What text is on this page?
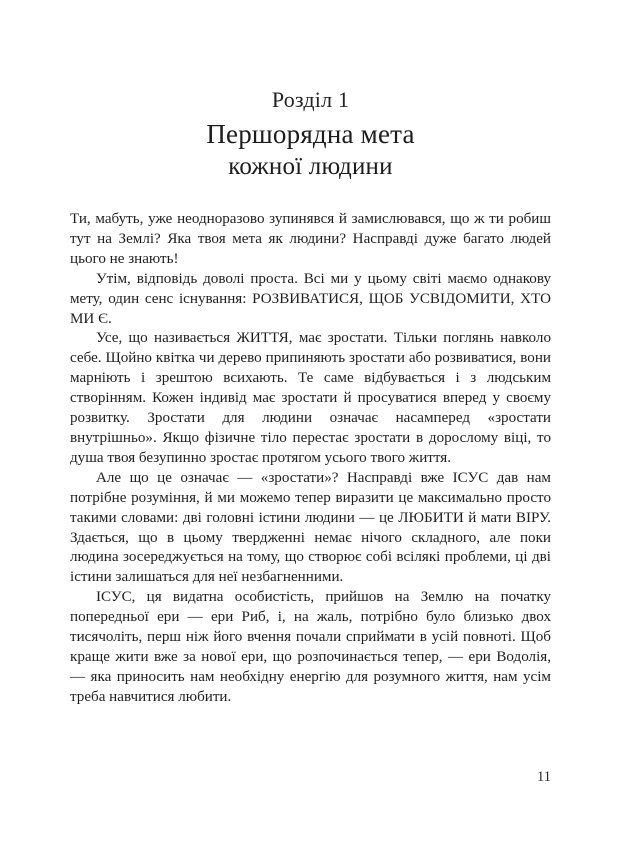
Розділ 1
Першорядна мета
кожної людини

Ти, мабуть, уже неодноразово зупинявся й замислювався, що ж ти робиш тут на Землі? Яка твоя мета як людини? Насправді дуже багато людей цього не знають!

Утім, відповідь доволі проста. Всі ми у цьому світі маємо однакову мету, один сенс існування: РОЗВИВАТИСЯ, ЩОБ УСВІДОМИТИ, ХТО МИ Є.

Усе, що називається ЖИТТЯ, має зростати. Тільки поглянь навколо себе. Щойно квітка чи дерево припиняють зростати або розвиватися, вони марніють і зрештою всихають. Те саме відбувається і з людським створінням. Кожен індивід має зростати й просуватися вперед у своєму розвитку. Зростати для людини означає насамперед «зростати внутрішньо». Якщо фізичне тіло перестає зростати в дорослому віці, то душа твоя безупинно зростає протягом усього твого життя.

Але що це означає — «зростати»? Насправді вже ІСУС дав нам потрібне розуміння, й ми можемо тепер виразити це максимально просто такими словами: дві головні істини людини — це ЛЮБИТИ й мати ВІРУ. Здається, що в цьому твердженні немає нічого складного, але поки людина зосереджується на тому, що створює собі всілякі проблеми, ці дві істини залишаться для неї незбагненними.

ІСУС, ця видатна особистість, прийшов на Землю на початку попередньої ери — ери Риб, і, на жаль, потрібно було близько двох тисячоліть, перш ніж його вчення почали сприймати в усій повноті. Щоб краще жити вже за нової ери, що розпочинається тепер, — ери Водолія, — яка приносить нам необхідну енергію для розумного життя, нам усім треба навчитися любити.

11
